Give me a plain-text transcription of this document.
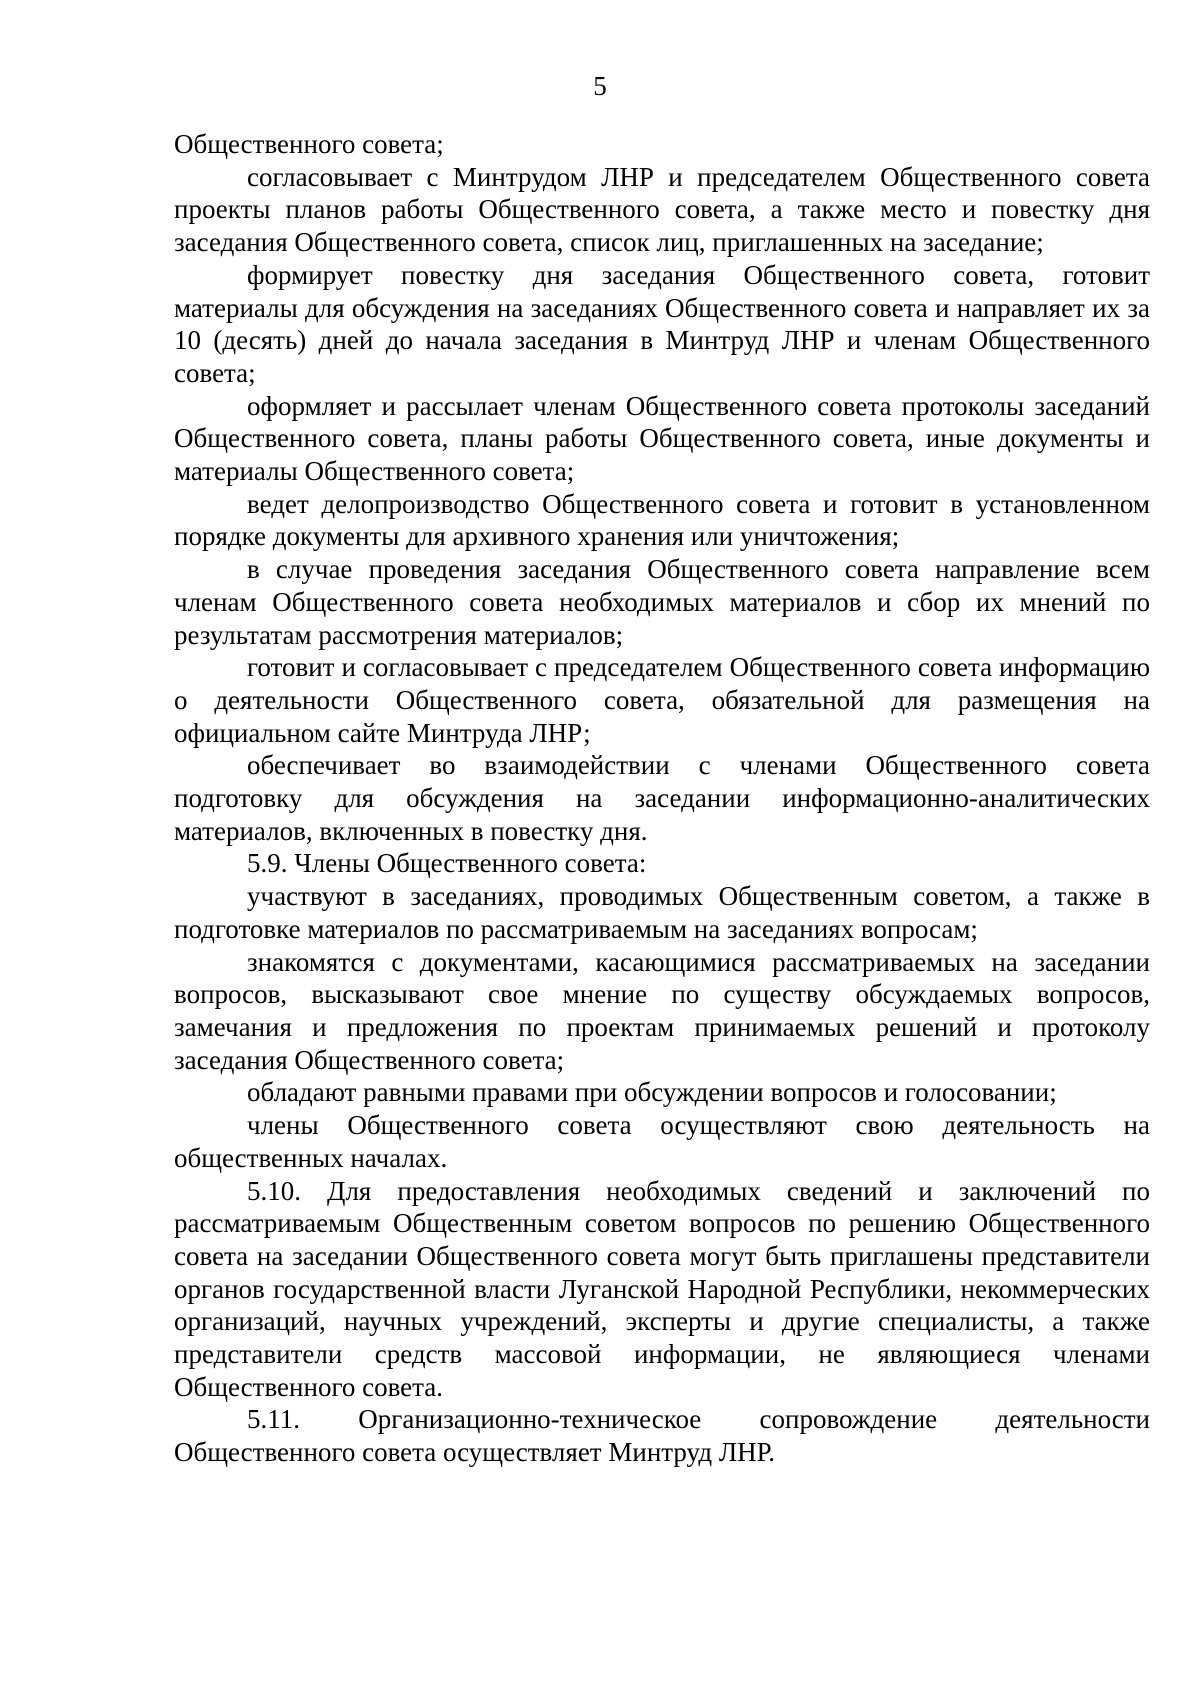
5

Общественного совета;

согласовывает с Минтрудом ЛНР и председателем Общественного совета проекты планов работы Общественного совета, а также место и повестку дня заседания Общественного совета, список лиц, приглашенных на заседание;

формирует повестку дня заседания Общественного совета, готовит материалы для обсуждения на заседаниях Общественного совета и направляет их за 10 (десять) дней до начала заседания в Минтруд ЛНР и членам Общественного совета;

оформляет и рассылает членам Общественного совета протоколы заседаний Общественного совета, планы работы Общественного совета, иные документы и материалы Общественного совета;

ведет делопроизводство Общественного совета и готовит в установленном порядке документы для архивного хранения или уничтожения;

в случае проведения заседания Общественного совета направление всем членам Общественного совета необходимых материалов и сбор их мнений по результатам рассмотрения материалов;

готовит и согласовывает с председателем Общественного совета информацию о деятельности Общественного совета, обязательной для размещения на официальном сайте Минтруда ЛНР;

обеспечивает во взаимодействии с членами Общественного совета подготовку для обсуждения на заседании информационно-аналитических материалов, включенных в повестку дня.

5.9. Члены Общественного совета:

участвуют в заседаниях, проводимых Общественным советом, а также в подготовке материалов по рассматриваемым на заседаниях вопросам;

знакомятся с документами, касающимися рассматриваемых на заседании вопросов, высказывают свое мнение по существу обсуждаемых вопросов, замечания и предложения по проектам принимаемых решений и протоколу заседания Общественного совета;

обладают равными правами при обсуждении вопросов и голосовании;

члены Общественного совета осуществляют свою деятельность на общественных началах.

5.10. Для предоставления необходимых сведений и заключений по рассматриваемым Общественным советом вопросов по решению Общественного совета на заседании Общественного совета могут быть приглашены представители органов государственной власти Луганской Народной Республики, некоммерческих организаций, научных учреждений, эксперты и другие специалисты, а также представители средств массовой информации, не являющиеся членами Общественного совета.

5.11. Организационно-техническое сопровождение деятельности Общественного совета осуществляет Минтруд ЛНР.
